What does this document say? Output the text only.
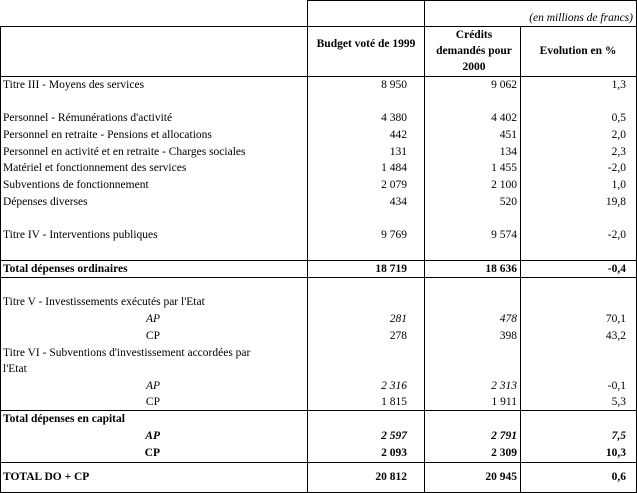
(en millions de francs)
Budget voté de 1999
Crédits demandés pour 2000
Evolution en %
Titre III - Moyens des services	8 950	9 062	1,3
Personnel - Rémunérations d'activité	4 380	4 402	0,5
Personnel en retraite - Pensions et allocations	442	451	2,0
Personnel en activité et en retraite - Charges sociales	131	134	2,3
Matériel et fonctionnement des services	1 484	1 455	-2,0
Subventions de fonctionnement	2 079	2 100	1,0
Dépenses diverses	434	520	19,8
Titre IV - Interventions publiques	9 769	9 574	-2,0
Total dépenses ordinaires	18 719	18 636	-0,4
Titre V - Investissements exécutés par l'Etat
AP	281	478	70,1
CP	278	398	43,2
Titre VI - Subventions d'investissement accordées par
l'Etat
AP	2 316	2 313	-0,1
CP	1 815	1 911	5,3
Total dépenses en capital
AP	2 597	2 791	7,5
CP	2 093	2 309	10,3
TOTAL DO + CP	20 812	20 945	0,6
